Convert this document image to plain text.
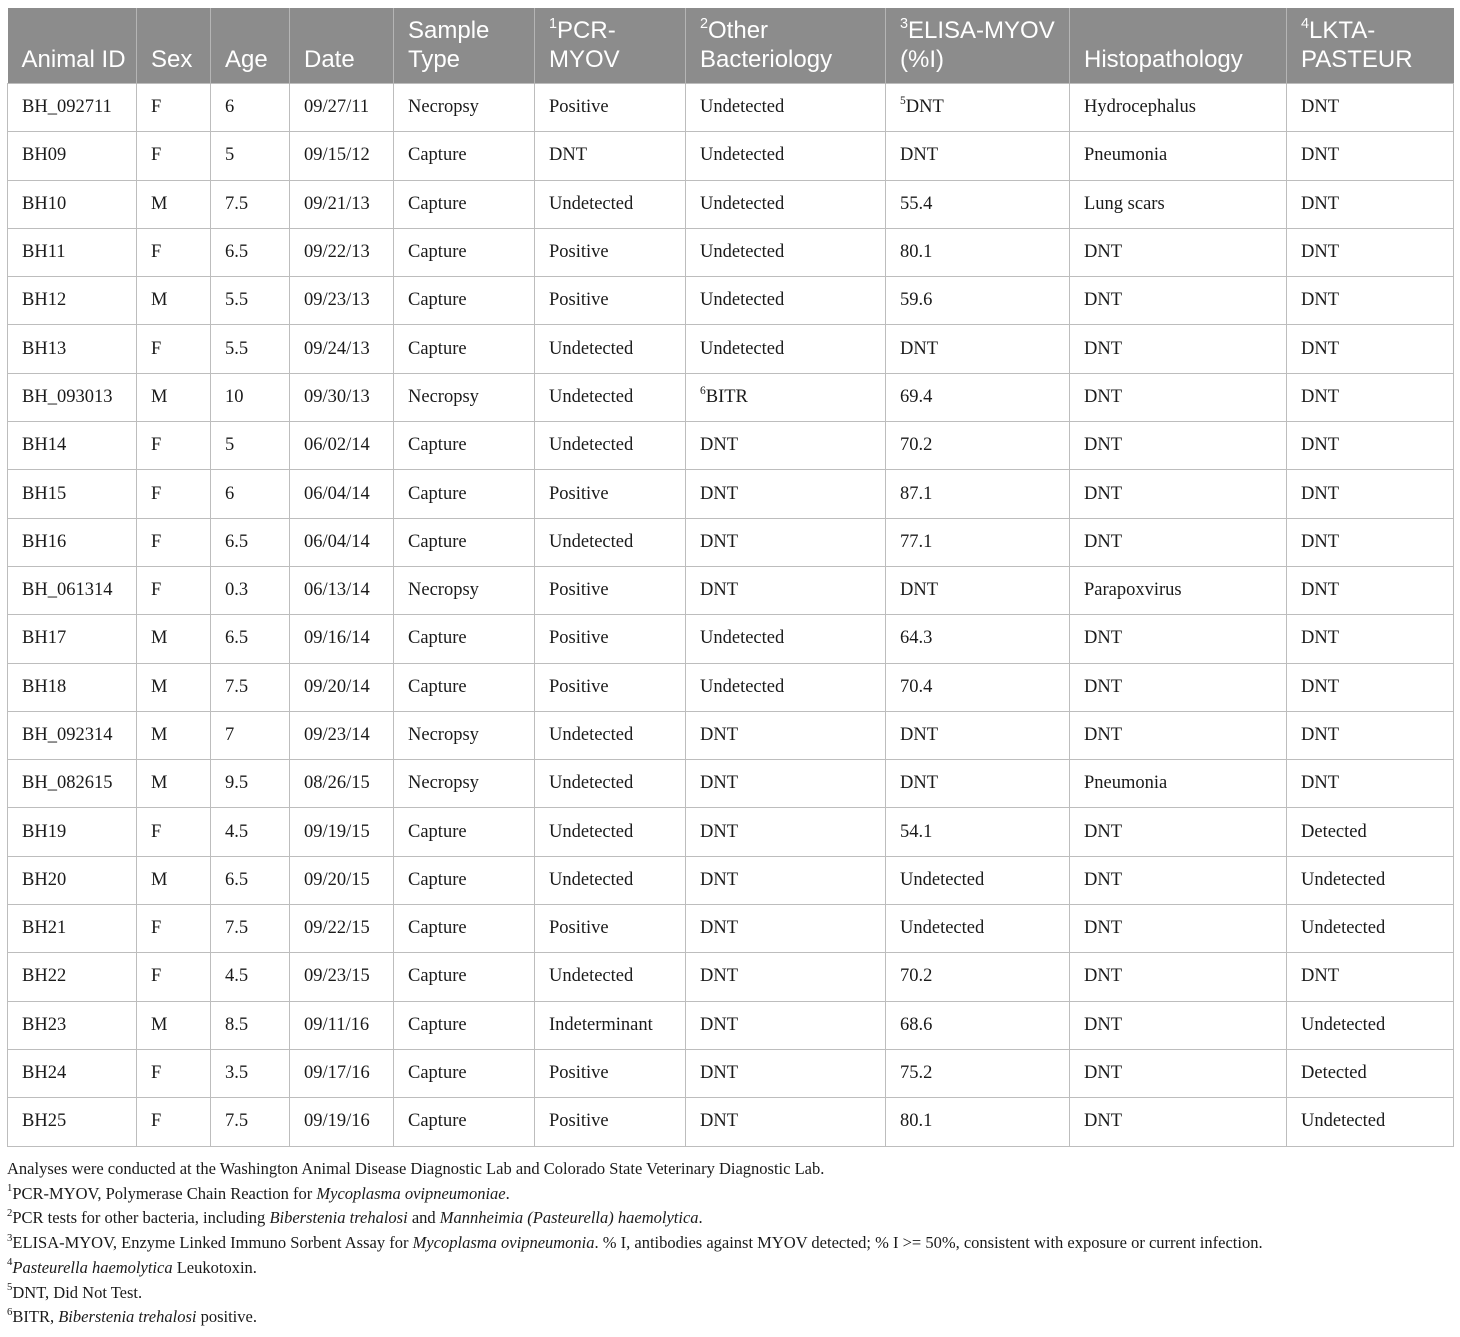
Animal ID	Sex	Age	Date	Sample Type	$^1$PCR-MYOV	$^2$Other Bacteriology	$^3$ELISA-MYOV (%I)	Histopathology	$^4$LKTA-PASTEUR
BH_092711	F	6	09/27/11	Necropsy	Positive	Undetected	$^5$DNT	Hydrocephalus	DNT
BH09	F	5	09/15/12	Capture	DNT	Undetected	DNT	Pneumonia	DNT
BH10	M	7.5	09/21/13	Capture	Undetected	Undetected	55.4	Lung scars	DNT
BH11	F	6.5	09/22/13	Capture	Positive	Undetected	80.1	DNT	DNT
BH12	M	5.5	09/23/13	Capture	Positive	Undetected	59.6	DNT	DNT
BH13	F	5.5	09/24/13	Capture	Undetected	Undetected	DNT	DNT	DNT
BH_093013	M	10	09/30/13	Necropsy	Undetected	$^6$BITR	69.4	DNT	DNT
BH14	F	5	06/02/14	Capture	Undetected	DNT	70.2	DNT	DNT
BH15	F	6	06/04/14	Capture	Positive	DNT	87.1	DNT	DNT
BH16	F	6.5	06/04/14	Capture	Undetected	DNT	77.1	DNT	DNT
BH_061314	F	0.3	06/13/14	Necropsy	Positive	DNT	DNT	Parapoxvirus	DNT
BH17	M	6.5	09/16/14	Capture	Positive	Undetected	64.3	DNT	DNT
BH18	M	7.5	09/20/14	Capture	Positive	Undetected	70.4	DNT	DNT
BH_092314	M	7	09/23/14	Necropsy	Undetected	DNT	DNT	DNT	DNT
BH_082615	M	9.5	08/26/15	Necropsy	Undetected	DNT	DNT	Pneumonia	DNT
BH19	F	4.5	09/19/15	Capture	Undetected	DNT	54.1	DNT	Detected
BH20	M	6.5	09/20/15	Capture	Undetected	DNT	Undetected	DNT	Undetected
BH21	F	7.5	09/22/15	Capture	Positive	DNT	Undetected	DNT	Undetected
BH22	F	4.5	09/23/15	Capture	Undetected	DNT	70.2	DNT	DNT
BH23	M	8.5	09/11/16	Capture	Indeterminant	DNT	68.6	DNT	Undetected
BH24	F	3.5	09/17/16	Capture	Positive	DNT	75.2	DNT	Detected
BH25	F	7.5	09/19/16	Capture	Positive	DNT	80.1	DNT	Undetected

Analyses were conducted at the Washington Animal Disease Diagnostic Lab and Colorado State Veterinary Diagnostic Lab.

$^1$PCR-MYOV, Polymerase Chain Reaction for Mycoplasma ovipneumoniae.

$^2$PCR tests for other bacteria, including Biberstenia trehalosi and Mannheimia (Pasteurella) haemolytica.

$^3$ELISA-MYOV, Enzyme Linked Immuno Sorbent Assay for Mycoplasma ovipneumonia. % I, antibodies against MYOV detected; % I >= 50%, consistent with exposure or current infection.

$^4$Pasteurella haemolytica Leukotoxin.

$^5$DNT, Did Not Test.

$^6$BITR, Biberstenia trehalosi positive.
